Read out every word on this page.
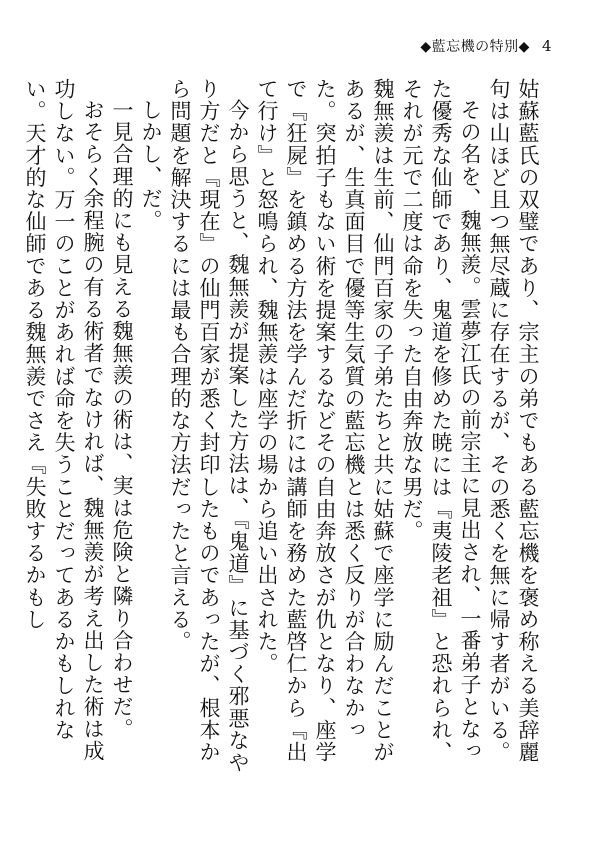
◆藍忘機の特別◆ 4

姑蘇藍氏の双璧であり、宗主の弟でもある藍忘機を褒め称える美辞麗句は山ほど且つ無尽蔵に存在するが、その悉くを無に帰す者がいる。

その名を、魏無羨。雲夢江氏の前宗主に見出され、一番弟子となった優秀な仙師であり、鬼道を修めた暁には『夷陵老祖』と恐れられ、それが元で二度は命を失った自由奔放な男だ。

魏無羨は生前、仙門百家の子弟たちと共に姑蘇で座学に励んだことがあるが、生真面目で優等生気質の藍忘機とは悉く反りが合わなかった。突拍子もない術を提案するなどその自由奔放さが仇となり、座学で『狂屍』を鎮める方法を学んだ折には講師を務めた藍啓仁から『出て行け』と怒鳴られ、魏無羨は座学の場から追い出された。

今から思うと、魏無羨が提案した方法は、『鬼道』に基づく邪悪なやり方だと『現在』の仙門百家が悉く封印したものであったが、根本から問題を解決するには最も合理的な方法だったと言える。

しかし、だ。

一見合理的にも見える魏無羨の術は、実は危険と隣り合わせだ。

おそらく余程腕の有る術者でなければ、魏無羨が考え出した術は成功しない。万一のことがあれば命を失うことだってあるかもしれない。天才的な仙師である魏無羨でさえ『失敗するかもし
